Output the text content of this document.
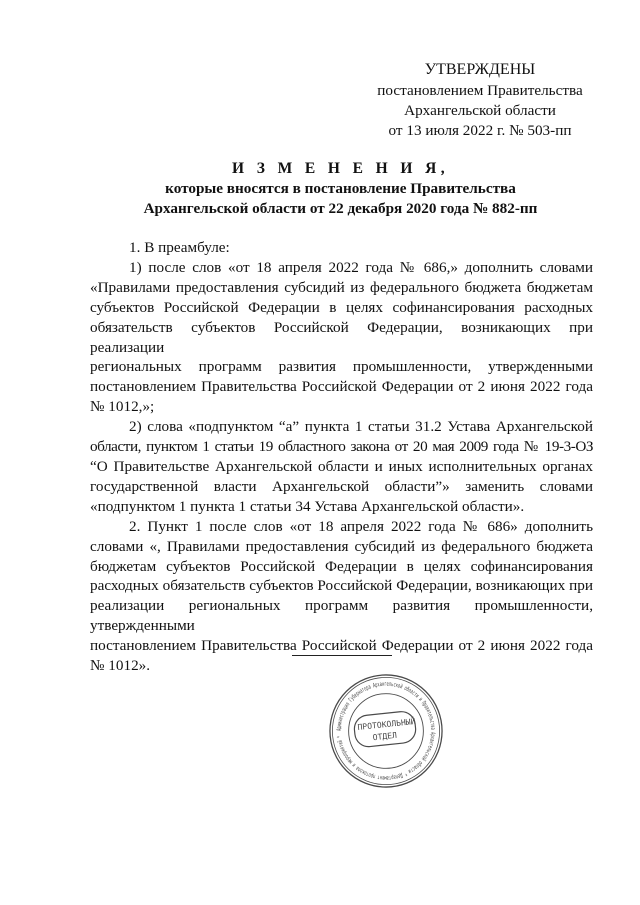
УТВЕРЖДЕНЫ
постановлением Правительства
Архангельской области
от 13 июля 2022 г. № 503-пп
И З М Е Н Е Н И Я,
которые вносятся в постановление Правительства
Архангельской области от 22 декабря 2020 года № 882-пп
1. В преамбуле:
1) после слов «от 18 апреля 2022 года № 686,» дополнить словами
«Правилами предоставления субсидий из федерального бюджета бюджетам
субъектов Российской Федерации в целях софинансирования расходных
обязательств субъектов Российской Федерации, возникающих при реализации
региональных программ развития промышленности, утвержденными
постановлением Правительства Российской Федерации от 2 июня 2022 года
№ 1012,»;
2) слова «подпунктом “а” пункта 1 статьи 31.2 Устава Архангельской
области, пунктом 1 статьи 19 областного закона от 20 мая 2009 года № 19-3-ОЗ
“О Правительстве Архангельской области и иных исполнительных органах
государственной власти Архангельской области”» заменить словами
«подпунктом 1 пункта 1 статьи 34 Устава Архангельской области».
2. Пункт 1 после слов «от 18 апреля 2022 года № 686» дополнить
словами «, Правилами предоставления субсидий из федерального бюджета
бюджетам субъектов Российской Федерации в целях софинансирования
расходных обязательств субъектов Российской Федерации, возникающих при
реализации региональных программ развития промышленности, утвержденными
постановлением Правительства Российской Федерации от 2 июня 2022 года
№ 1012».
Администрация Губернатора Архангельской области и Правительства Архангельской области * Департамент протокола и мероприятий *
ПРОТОКОЛЬНЫЙ
ОТДЕЛ
